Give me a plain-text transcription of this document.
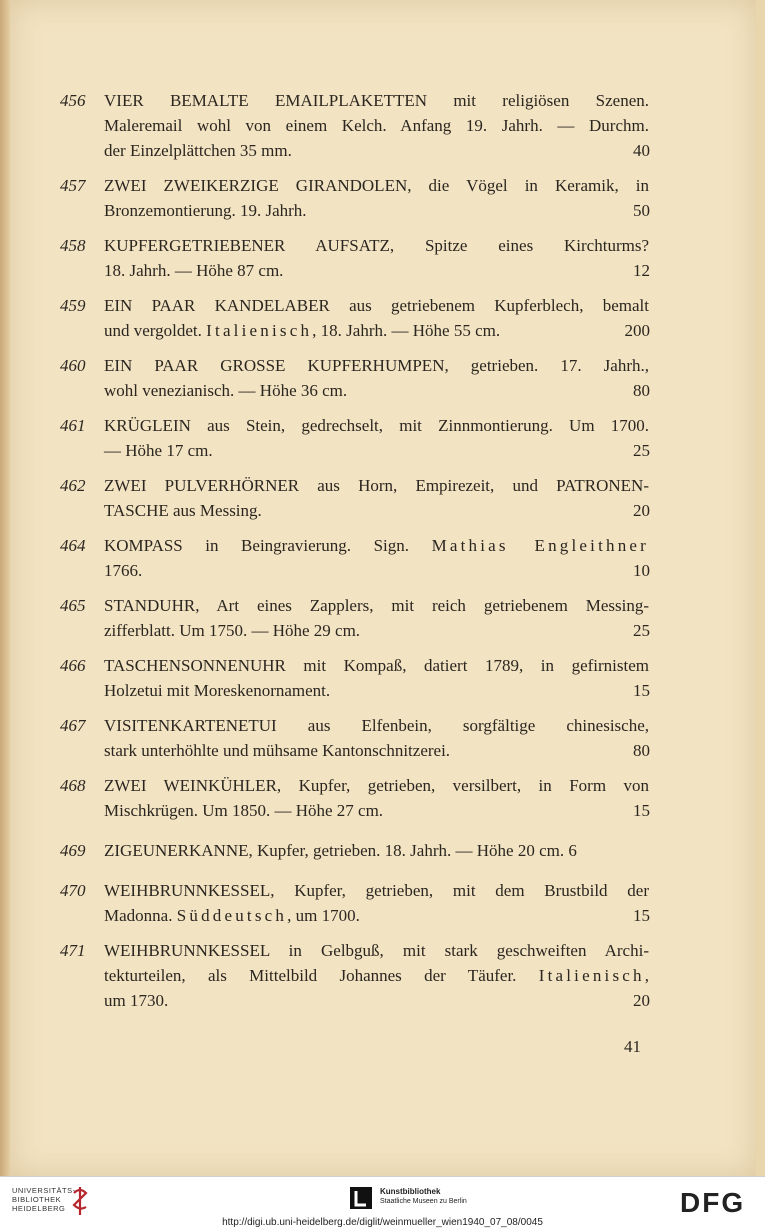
456	VIER BEMALTE EMAILPLAKETTEN mit religiösen Szenen.
Maleremail wohl von einem Kelch. Anfang 19. Jahrh. — Durchm.
der Einzelplättchen 35 mm.	40
457	ZWEI ZWEIKERZIGE GIRANDOLEN, die Vögel in Keramik, in
Bronzemontierung. 19. Jahrh.	50
458	KUPFERGETRIEBENER AUFSATZ, Spitze eines Kirchturms?
18. Jahrh. — Höhe 87 cm.	12
459	EIN PAAR KANDELABER aus getriebenem Kupferblech, bemalt
und vergoldet. Italienisch, 18. Jahrh. — Höhe 55 cm.	200
460	EIN PAAR GROSSE KUPFERHUMPEN, getrieben. 17. Jahrh.,
wohl venezianisch. — Höhe 36 cm.	80
461	KRÜGLEIN aus Stein, gedrechselt, mit Zinnmontierung. Um 1700.
— Höhe 17 cm.	25
462	ZWEI PULVERHÖRNER aus Horn, Empirezeit, und PATRONEN-
TASCHE aus Messing.	20
464	KOMPASS in Beingravierung. Sign. Mathias Engleithner
1766.	10
465	STANDUHR, Art eines Zapplers, mit reich getriebenem Messing-
zifferblatt. Um 1750. — Höhe 29 cm.	25
466	TASCHENSONNENUHR mit Kompaß, datiert 1789, in gefirnistem
Holzetui mit Moreskenornament.	15
467	VISITENKARTENETUI aus Elfenbein, sorgfältige chinesische,
stark unterhöhlte und mühsame Kantonschnitzerei.	80
468	ZWEI WEINKÜHLER, Kupfer, getrieben, versilbert, in Form von
Mischkrügen. Um 1850. — Höhe 27 cm.	15
469	ZIGEUNERKANNE, Kupfer, getrieben. 18. Jahrh. — Höhe 20 cm. 6
470	WEIHBRUNNKESSEL, Kupfer, getrieben, mit dem Brustbild der
Madonna. Süddeutsch, um 1700.	15
471	WEIHBRUNNKESSEL in Gelbguß, mit stark geschweiften Archi-
tekturteilen, als Mittelbild Johannes der Täufer. Italienisch,
um 1730.	20
41
UNIVERSITÄTS-
BIBLIOTHEK
HEIDELBERG
Kunstbibliothek
Staatliche Museen zu Berlin	DFG
http://digi.ub.uni-heidelberg.de/diglit/weinmueller_wien1940_07_08/0045
